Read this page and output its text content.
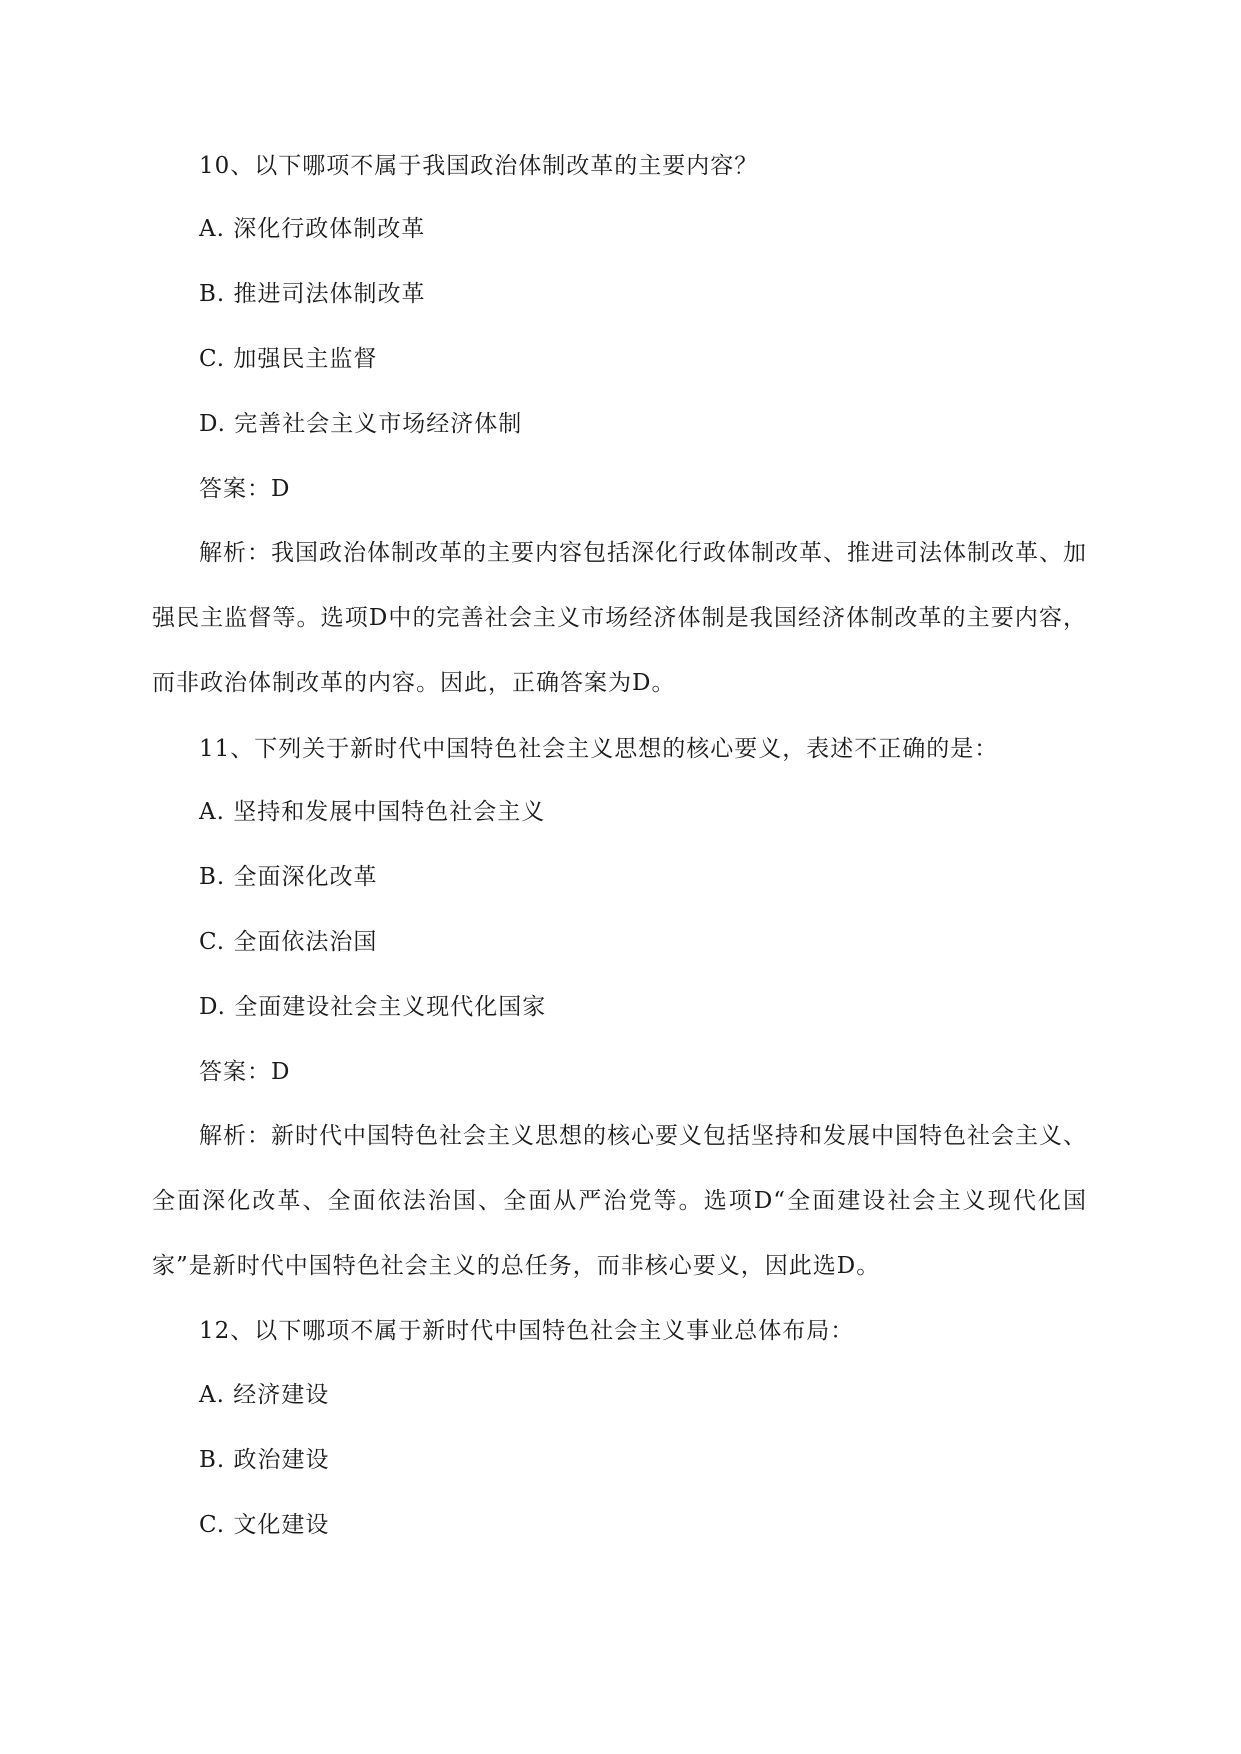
10、以下哪项不属于我国政治体制改革的主要内容？
A. 深化行政体制改革
B. 推进司法体制改革
C. 加强民主监督
D. 完善社会主义市场经济体制
答案：D
解析：我国政治体制改革的主要内容包括深化行政体制改革、推进司法体制改革、加强民主监督等。选项D中的完善社会主义市场经济体制是我国经济体制改革的主要内容，而非政治体制改革的内容。因此，正确答案为D。
11、下列关于新时代中国特色社会主义思想的核心要义，表述不正确的是：
A. 坚持和发展中国特色社会主义
B. 全面深化改革
C. 全面依法治国
D. 全面建设社会主义现代化国家
答案：D
解析：新时代中国特色社会主义思想的核心要义包括坚持和发展中国特色社会主义、全面深化改革、全面依法治国、全面从严治党等。选项D“全面建设社会主义现代化国家”是新时代中国特色社会主义的总任务，而非核心要义，因此选D。
12、以下哪项不属于新时代中国特色社会主义事业总体布局：
A. 经济建设
B. 政治建设
C. 文化建设
